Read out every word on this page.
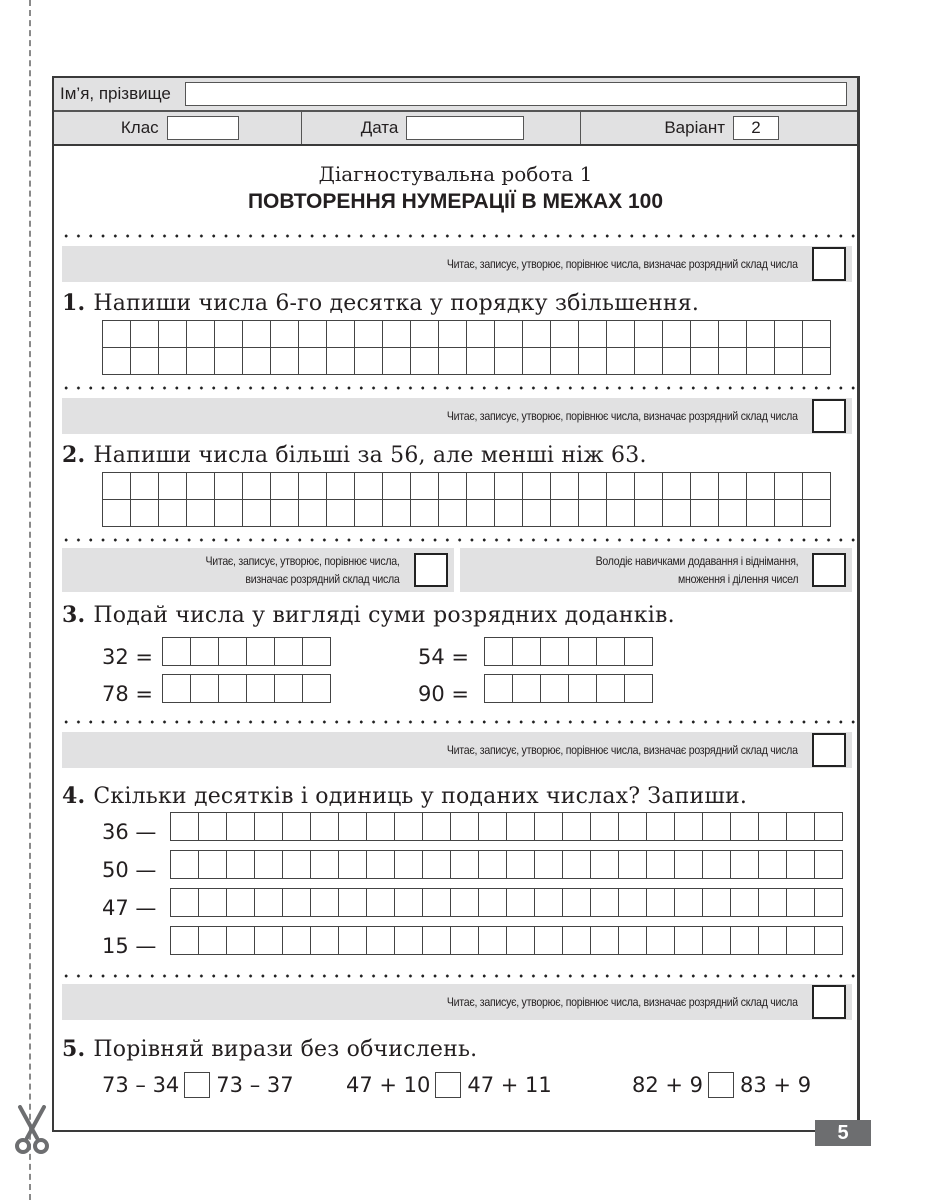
Ім’я, прізвище
Клас	Дата	Варіант	2
Діагностувальна робота 1
ПОВТОРЕННЯ НУМЕРАЦІЇ В МЕЖАХ 100
Читає, записує, утворює, порівнює числа, визначає розрядний склад числа
1. Напиши числа 6-го десятка у порядку збільшення.
Читає, записує, утворює, порівнює числа, визначає розрядний склад числа
2. Напиши числа більші за 56, але менші ніж 63.
Читає, записує, утворює, порівнює числа,
визначає розрядний склад числа
Володіє навичками додавання і віднімання,
множення і ділення чисел
3. Подай числа у вигляді суми розрядних доданків.
32 =	54 =
78 =	90 =
Читає, записує, утворює, порівнює числа, визначає розрядний склад числа
4. Скільки десятків і одиниць у поданих числах? Запиши.
36 —
50 —
47 —
15 —
Читає, записує, утворює, порівнює числа, визначає розрядний склад числа
5. Порівняй вирази без обчислень.
73 – 34 73 – 37 47 + 10 47 + 11	82 + 9 83 + 9
5
